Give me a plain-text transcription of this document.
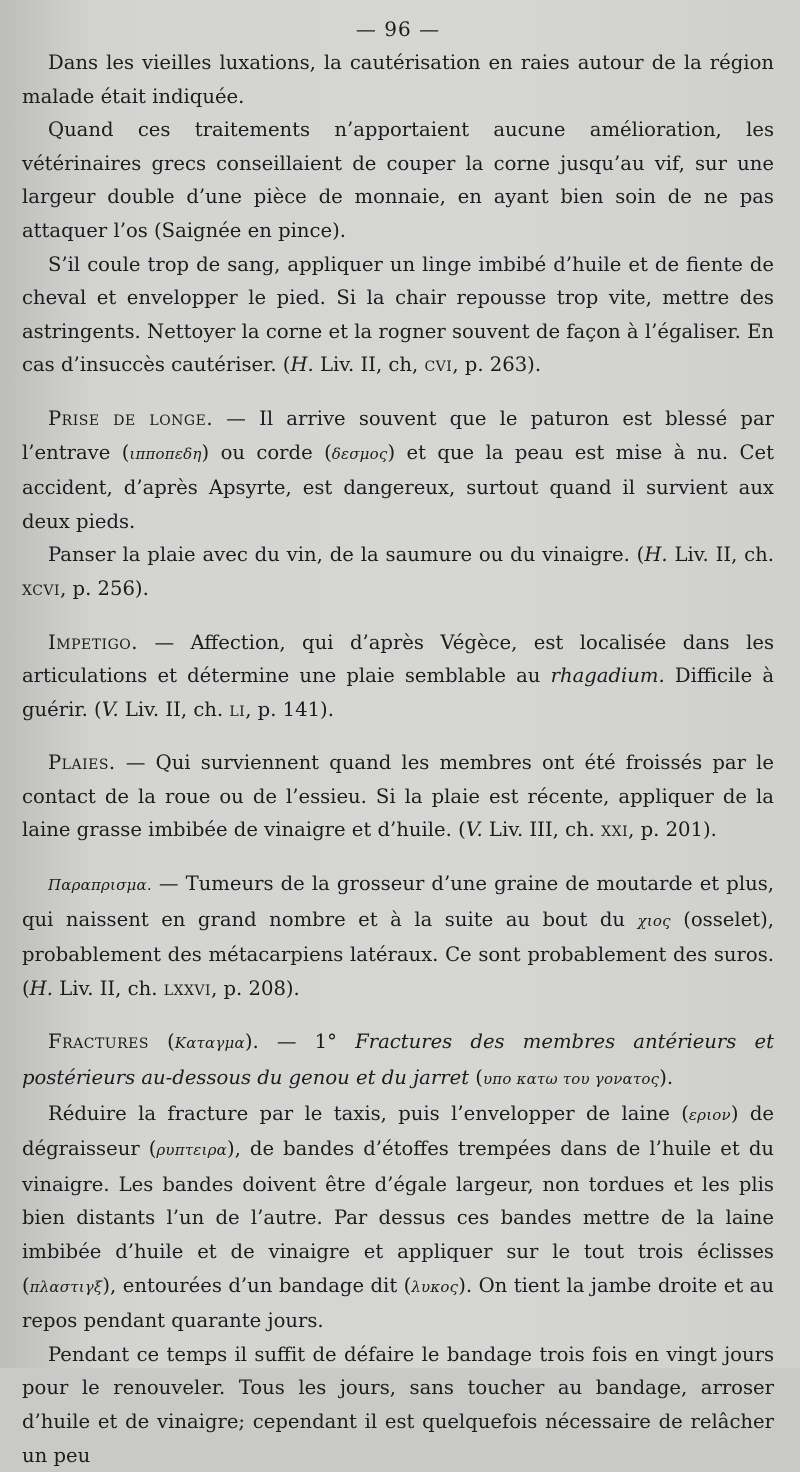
— 96 —

Dans les vieilles luxations, la cautérisation en raies autour de la région malade était indiquée.

Quand ces traitements n’apportaient aucune amélioration, les vétérinaires grecs conseillaient de couper la corne jusqu’au vif, sur une largeur double d’une pièce de monnaie, en ayant bien soin de ne pas attaquer l’os (Saignée en pince).

S’il coule trop de sang, appliquer un linge imbibé d’huile et de fiente de cheval et envelopper le pied. Si la chair repousse trop vite, mettre des astringents. Nettoyer la corne et la rogner souvent de façon à l’égaliser. En cas d’insuccès cautériser. (H. Liv. II, ch, cvi, p. 263).

Prise de longe. — Il arrive souvent que le paturon est blessé par l’entrave (ιπποπεδη) ou corde (δεσμος) et que la peau est mise à nu. Cet accident, d’après Apsyrte, est dangereux, surtout quand il survient aux deux pieds.

Panser la plaie avec du vin, de la saumure ou du vinaigre. (H. Liv. II, ch. xcvi, p. 256).

Impetigo. — Affection, qui d’après Végèce, est localisée dans les articulations et détermine une plaie semblable au rhagadium. Difficile à guérir. (V. Liv. II, ch. li, p. 141).

Plaies. — Qui surviennent quand les membres ont été froissés par le contact de la roue ou de l’essieu. Si la plaie est récente, appliquer de la laine grasse imbibée de vinaigre et d’huile. (V. Liv. III, ch. xxi, p. 201).

Παραπρισμα. — Tumeurs de la grosseur d’une graine de moutarde et plus, qui naissent en grand nombre et à la suite au bout du χιος (osselet), probablement des métacarpiens latéraux. Ce sont probablement des suros. (H. Liv. II, ch. lxxvi, p. 208).

Fractures (Καταγμα). — 1° Fractures des membres antérieurs et postérieurs au-dessous du genou et du jarret (υπο κατω του γονατος).

Réduire la fracture par le taxis, puis l’envelopper de laine (εριον) de dégraisseur (ρυπτειρα), de bandes d’étoffes trempées dans de l’huile et du vinaigre. Les bandes doivent être d’égale largeur, non tordues et les plis bien distants l’un de l’autre. Par dessus ces bandes mettre de la laine imbibée d’huile et de vinaigre et appliquer sur le tout trois éclisses (πλαστιγξ), entourées d’un bandage dit (λυκος). On tient la jambe droite et au repos pendant quarante jours.

Pendant ce temps il suffit de défaire le bandage trois fois en vingt jours pour le renouveler. Tous les jours, sans toucher au bandage, arroser d’huile et de vinaigre; cependant il est quelquefois nécessaire de relâcher un peu
